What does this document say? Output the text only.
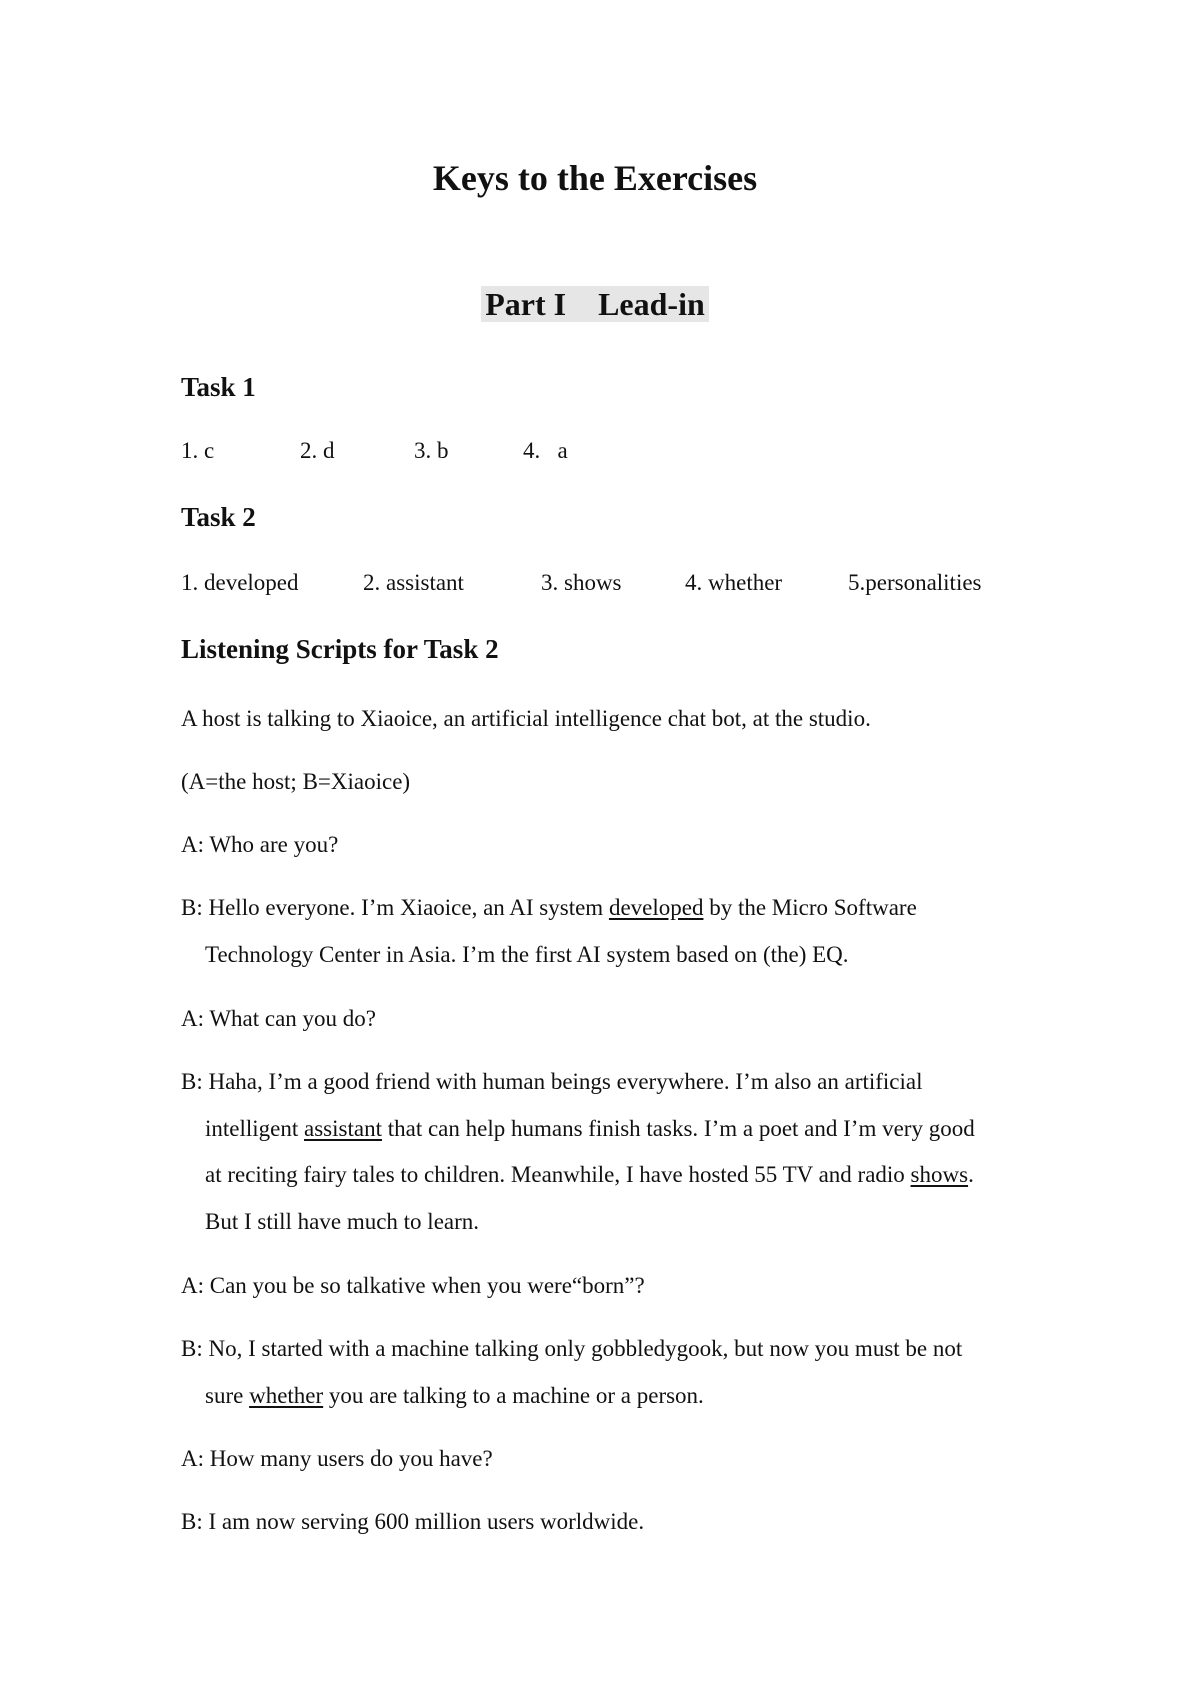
Keys to the Exercises
Part I Lead-in
Task 1
1. c	2. d	3. b	4.  a
Task 2
1. developed	2. assistant	3. shows	4. whether	5.personalities
Listening Scripts for Task 2
A host is talking to Xiaoice, an artificial intelligence chat bot, at the studio.
(A=the host; B=Xiaoice)
A: Who are you?
B: Hello everyone. I’m Xiaoice, an AI system developed by the Micro Software
Technology Center in Asia. I’m the first AI system based on (the) EQ.
A: What can you do?
B: Haha, I’m a good friend with human beings everywhere. I’m also an artificial
intelligent assistant that can help humans finish tasks. I’m a poet and I’m very good
at reciting fairy tales to children. Meanwhile, I have hosted 55 TV and radio shows.
But I still have much to learn.
A: Can you be so talkative when you were“born”?
B: No, I started with a machine talking only gobbledygook, but now you must be not
sure whether you are talking to a machine or a person.
A: How many users do you have?
B: I am now serving 600 million users worldwide.
